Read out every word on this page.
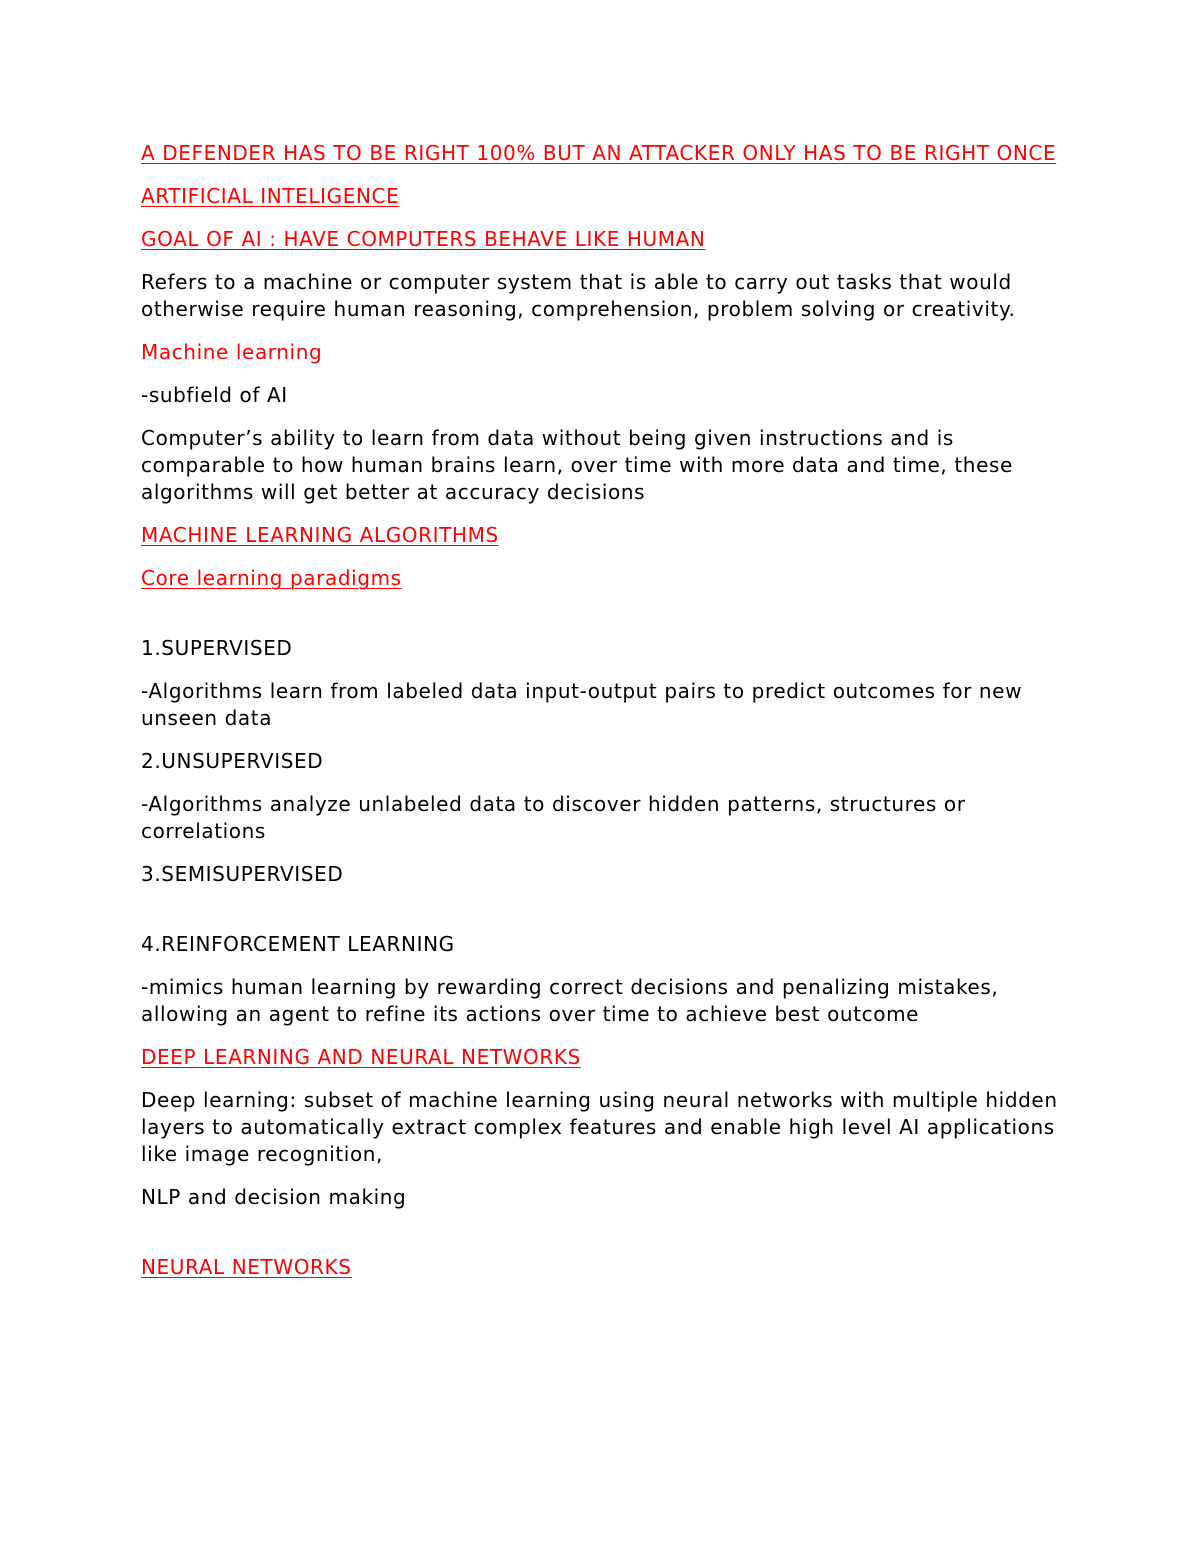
A DEFENDER HAS TO BE RIGHT 100% BUT AN ATTACKER ONLY HAS TO BE RIGHT ONCE

ARTIFICIAL INTELIGENCE

GOAL OF AI : HAVE COMPUTERS BEHAVE LIKE HUMAN

Refers to a machine or computer system that is able to carry out tasks that would otherwise require human reasoning, comprehension, problem solving or creativity.

Machine learning

-subfield of AI

Computer’s ability to learn from data without being given instructions and is comparable to how human brains learn, over time with more data and time, these algorithms will get better at accuracy decisions

MACHINE LEARNING ALGORITHMS

Core learning paradigms

1.SUPERVISED

-Algorithms learn from labeled data input-output pairs to predict outcomes for new unseen data

2.UNSUPERVISED

-Algorithms analyze unlabeled data to discover hidden patterns, structures or correlations

3.SEMISUPERVISED

4.REINFORCEMENT LEARNING

-mimics human learning by rewarding correct decisions and penalizing mistakes, allowing an agent to refine its actions over time to achieve best outcome

DEEP LEARNING AND NEURAL NETWORKS

Deep learning: subset of machine learning using neural networks with multiple hidden layers to automatically extract complex features and enable high level AI applications like image recognition,

NLP and decision making

NEURAL NETWORKS
